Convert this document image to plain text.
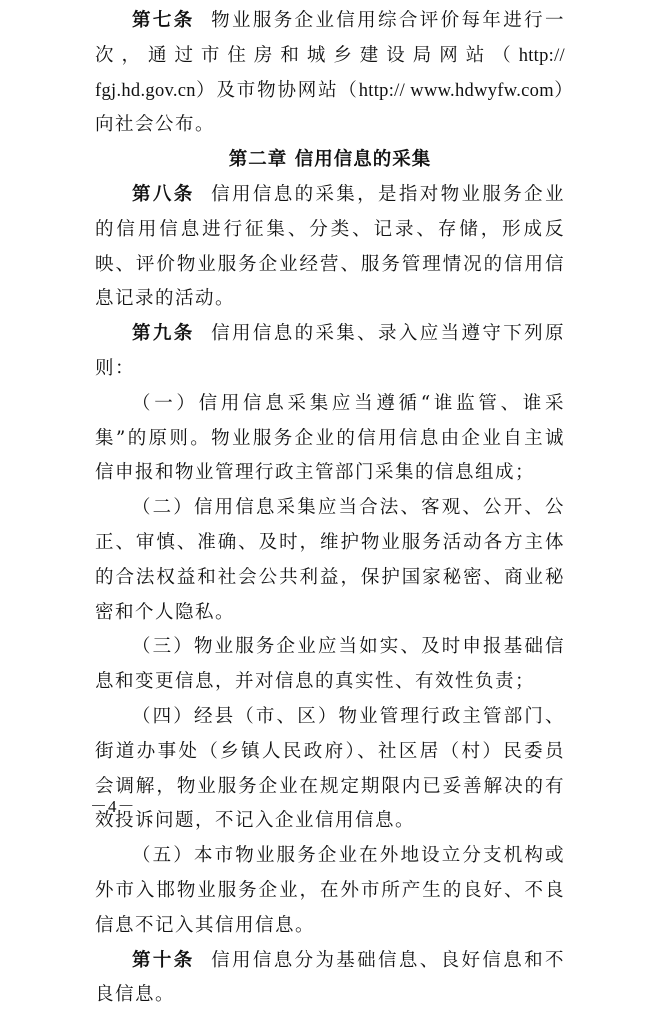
第七条 物业服务企业信用综合评价每年进行一次，通过市住房和城乡建设局网站（http:// fgj.hd.gov.cn）及市物协网站（http:// www.hdwyfw.com）向社会公布。

第二章 信用信息的采集

第八条 信用信息的采集，是指对物业服务企业的信用信息进行征集、分类、记录、存储，形成反映、评价物业服务企业经营、服务管理情况的信用信息记录的活动。

第九条 信用信息的采集、录入应当遵守下列原则：

（一）信用信息采集应当遵循“谁监管、谁采集”的原则。物业服务企业的信用信息由企业自主诚信申报和物业管理行政主管部门采集的信息组成；

（二）信用信息采集应当合法、客观、公开、公正、审慎、准确、及时，维护物业服务活动各方主体的合法权益和社会公共利益，保护国家秘密、商业秘密和个人隐私。

（三）物业服务企业应当如实、及时申报基础信息和变更信息，并对信息的真实性、有效性负责；

（四）经县（市、区）物业管理行政主管部门、街道办事处（乡镇人民政府）、社区居（村）民委员会调解，物业服务企业在规定期限内已妥善解决的有效投诉问题，不记入企业信用信息。

（五）本市物业服务企业在外地设立分支机构或外市入邯物业服务企业，在外市所产生的良好、不良信息不记入其信用信息。

第十条 信用信息分为基础信息、良好信息和不良信息。

－4－
